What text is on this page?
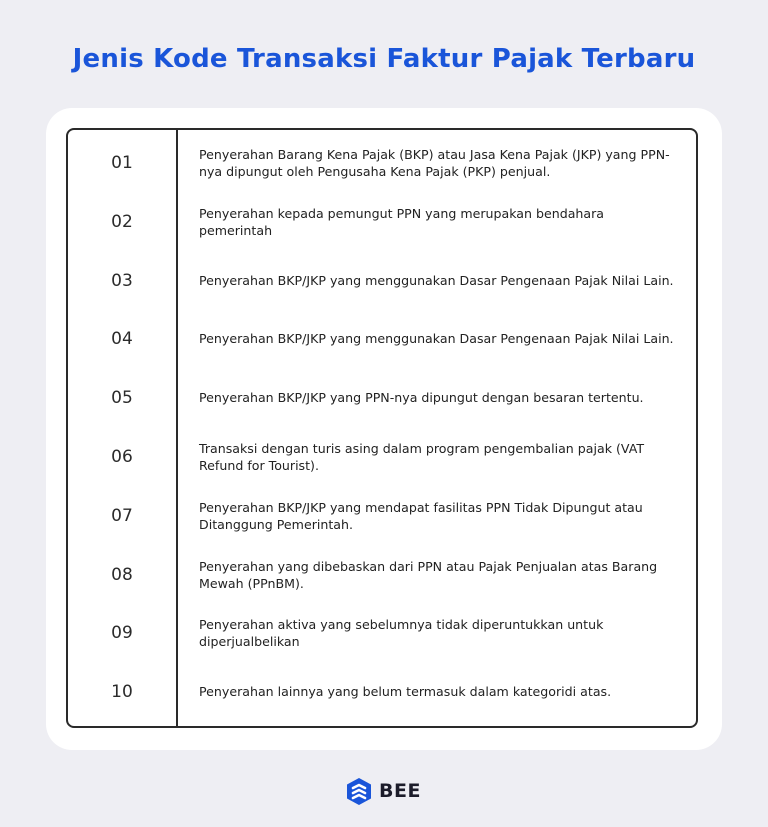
Jenis Kode Transaksi Faktur Pajak Terbaru
01	Penyerahan Barang Kena Pajak (BKP) atau Jasa Kena Pajak (JKP) yang PPN-nya dipungut oleh Pengusaha Kena Pajak (PKP) penjual.
02	Penyerahan kepada pemungut PPN yang merupakan bendahara pemerintah
03	Penyerahan BKP/JKP yang menggunakan Dasar Pengenaan Pajak Nilai Lain.
04	Penyerahan BKP/JKP yang menggunakan Dasar Pengenaan Pajak Nilai Lain.
05	Penyerahan BKP/JKP yang PPN-nya dipungut dengan besaran tertentu.
06	Transaksi dengan turis asing dalam program pengembalian pajak (VAT Refund for Tourist).
07	Penyerahan BKP/JKP yang mendapat fasilitas PPN Tidak Dipungut atau Ditanggung Pemerintah.
08	Penyerahan yang dibebaskan dari PPN atau Pajak Penjualan atas Barang Mewah (PPnBM).
09	Penyerahan aktiva yang sebelumnya tidak diperuntukkan untuk diperjualbelikan
10	Penyerahan lainnya yang belum termasuk dalam kategoridi atas.
BEE
